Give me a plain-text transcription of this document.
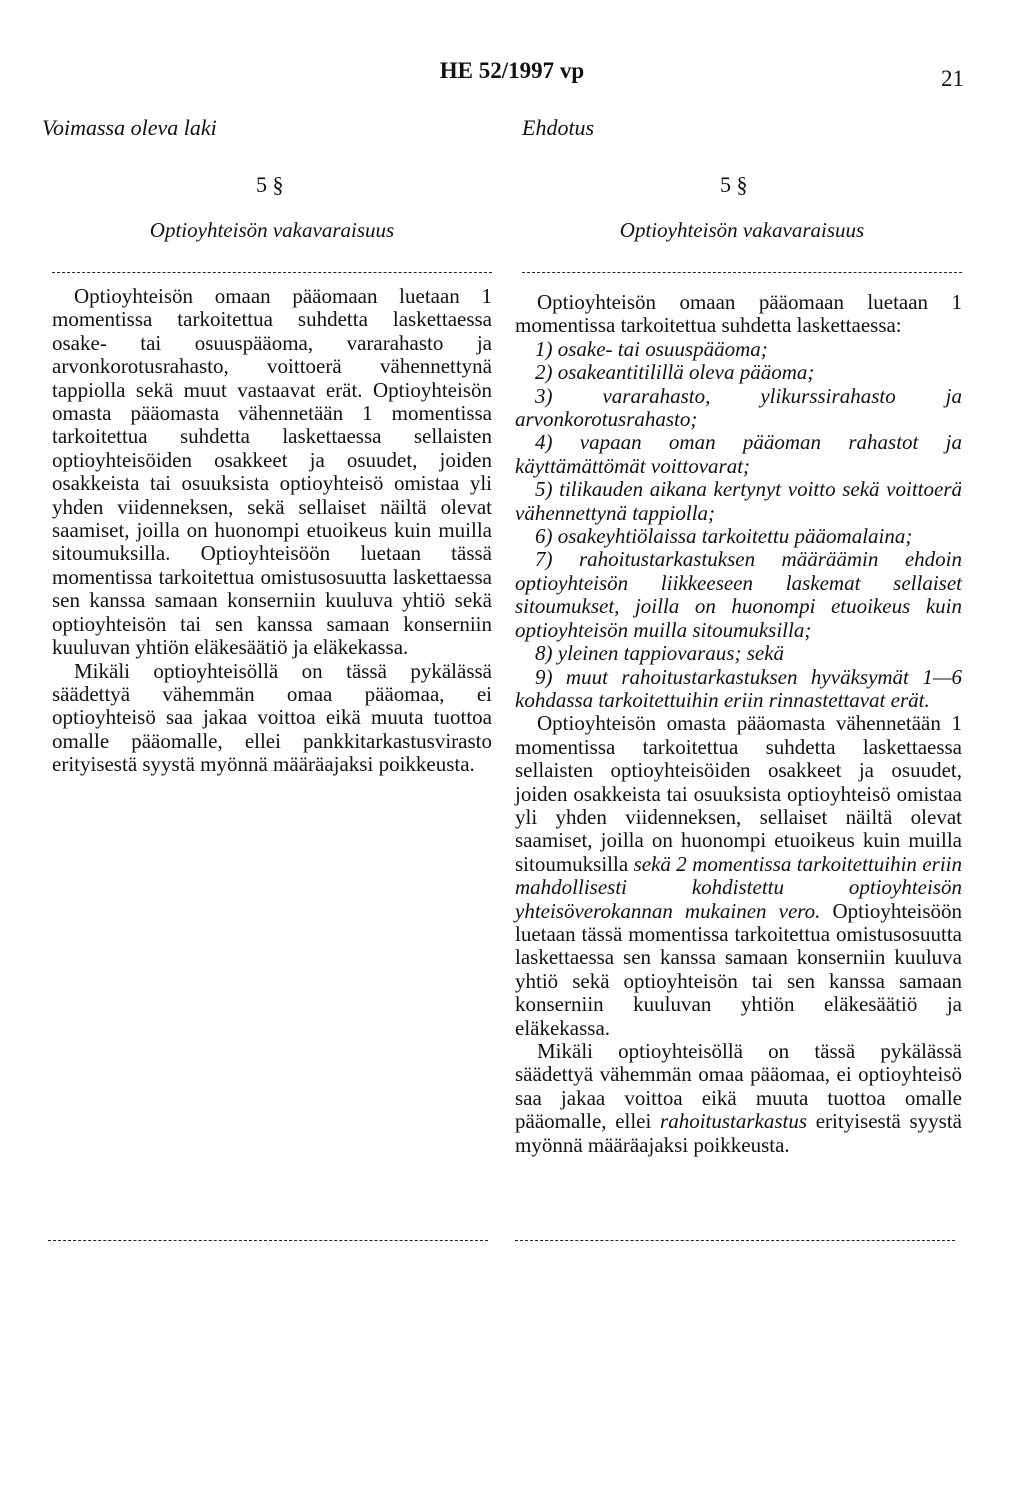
HE 52/1997 vp	21
Voimassa oleva laki	Ehdotus
5 §	5 §
Optioyhteisön vakavaraisuus	Optioyhteisön vakavaraisuus

Optioyhteisön omaan pääomaan luetaan 1 momentissa tarkoitettua suhdetta laskettaessa osake- tai osuuspääoma, vararahasto ja arvonkorotusrahasto, voittoerä vähennettynä tappiolla sekä muut vastaavat erät. Optioyhteisön omasta pääomasta vähennetään 1 momentissa tarkoitettua suhdetta laskettaessa sellaisten optioyhteisöiden osakkeet ja osuudet, joiden osakkeista tai osuuksista optioyhteisö omistaa yli yhden viidenneksen, sekä sellaiset näiltä olevat saamiset, joilla on huonompi etuoikeus kuin muilla sitoumuksilla. Optioyhteisöön luetaan tässä momentissa tarkoitettua omistusosuutta laskettaessa sen kanssa samaan konserniin kuuluva yhtiö sekä optioyhteisön tai sen kanssa samaan konserniin kuuluvan yhtiön eläkesäätiö ja eläkekassa.

Mikäli optioyhteisöllä on tässä pykälässä säädettyä vähemmän omaa pääomaa, ei optioyhteisö saa jakaa voittoa eikä muuta tuottoa omalle pääomalle, ellei pankkitarkastusvirasto erityisestä syystä myönnä määräajaksi poikkeusta.

Optioyhteisön omaan pääomaan luetaan 1 momentissa tarkoitettua suhdetta laskettaessa:

1) osake- tai osuuspääoma;
2) osakeantitilillä oleva pääoma;
3) vararahasto, ylikurssirahasto ja arvonkorotusrahasto;
4) vapaan oman pääoman rahastot ja käyttämättömät voittovarat;
5) tilikauden aikana kertynyt voitto sekä voittoerä vähennettynä tappiolla;
6) osakeyhtiölaissa tarkoitettu pääomalaina;
7) rahoitustarkastuksen määräämin ehdoin optioyhteisön liikkeeseen laskemat sellaiset sitoumukset, joilla on huonompi etuoikeus kuin optioyhteisön muilla sitoumuksilla;
8) yleinen tappiovaraus; sekä
9) muut rahoitustarkastuksen hyväksymät 1—6 kohdassa tarkoitettuihin eriin rinnastettavat erät.

Optioyhteisön omasta pääomasta vähennetään 1 momentissa tarkoitettua suhdetta laskettaessa sellaisten optioyhteisöiden osakkeet ja osuudet, joiden osakkeista tai osuuksista optioyhteisö omistaa yli yhden viidenneksen, sellaiset näiltä olevat saamiset, joilla on huonompi etuoikeus kuin muilla sitoumuksilla sekä 2 momentissa tarkoitettuihin eriin mahdollisesti kohdistettu optioyhteisön yhteisöverokannan mukainen vero. Optioyhteisöön luetaan tässä momentissa tarkoitettua omistusosuutta laskettaessa sen kanssa samaan konserniin kuuluva yhtiö sekä optioyhteisön tai sen kanssa samaan konserniin kuuluvan yhtiön eläkesäätiö ja eläkekassa.

Mikäli optioyhteisöllä on tässä pykälässä säädettyä vähemmän omaa pääomaa, ei optioyhteisö saa jakaa voittoa eikä muuta tuottoa omalle pääomalle, ellei rahoitustarkastus erityisestä syystä myönnä määräajaksi poikkeusta.
